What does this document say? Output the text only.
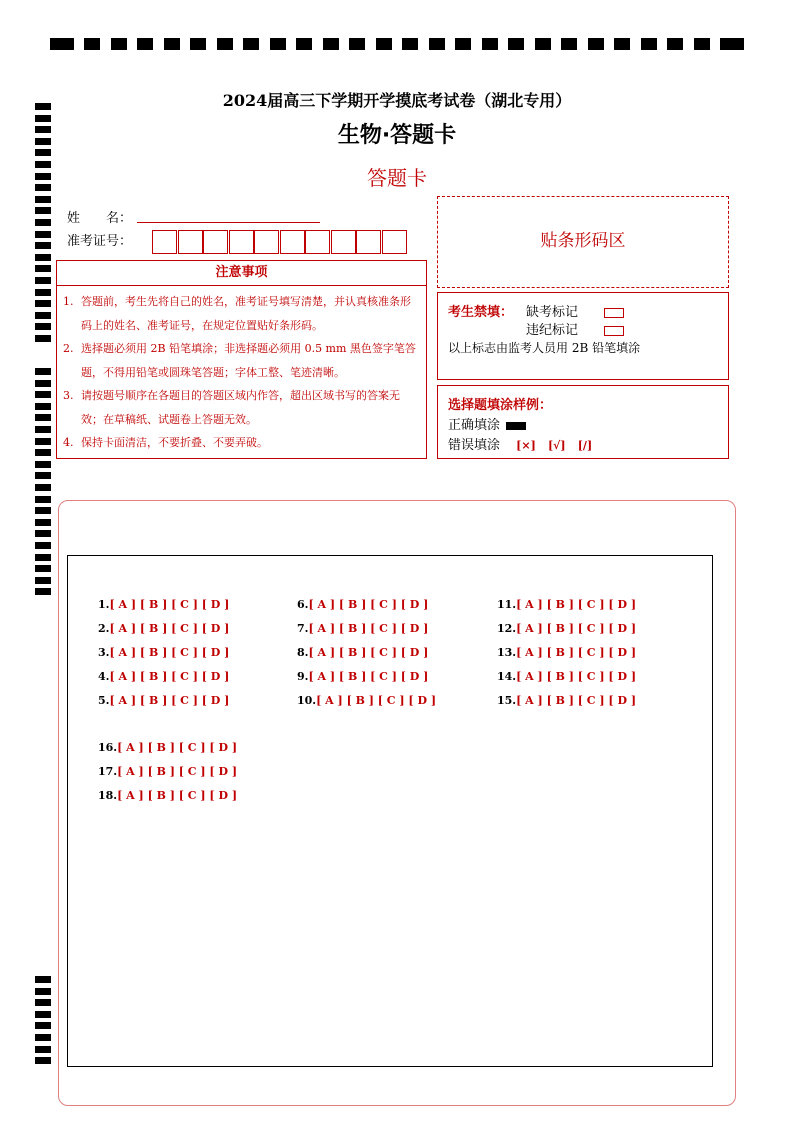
2024届高三下学期开学摸底考试卷（湖北专用）
生物·答题卡
答题卡
姓　　名：
准考证号：	贴条形码区
注意事项
1. 答题前，考生先将自己的姓名，准考证号填写清楚，并认真核准条形码上的姓名、准考证号，在规定位置贴好条形码。
2. 选择题必须用 2B 铅笔填涂；非选择题必须用 0.5 mm 黑色签字笔答题，不得用铅笔或圆珠笔答题；字体工整、笔迹清晰。
3. 请按题号顺序在各题目的答题区域内作答，超出区域书写的答案无效；在草稿纸、试题卷上答题无效。
4. 保持卡面清洁，不要折叠、不要弄破。
考生禁填： 缺考标记
违纪标记
以上标志由监考人员用 2B 铅笔填涂
选择题填涂样例：
正确填涂
错误填涂 [×] [√] [/]
1.[ A ] [ B ] [ C ] [ D ]
2.[ A ] [ B ] [ C ] [ D ]
3.[ A ] [ B ] [ C ] [ D ]
4.[ A ] [ B ] [ C ] [ D ]
5.[ A ] [ B ] [ C ] [ D ]
6.[ A ] [ B ] [ C ] [ D ]
7.[ A ] [ B ] [ C ] [ D ]
8.[ A ] [ B ] [ C ] [ D ]
9.[ A ] [ B ] [ C ] [ D ]
10.[ A ] [ B ] [ C ] [ D ]
11.[ A ] [ B ] [ C ] [ D ]
12.[ A ] [ B ] [ C ] [ D ]
13.[ A ] [ B ] [ C ] [ D ]
14.[ A ] [ B ] [ C ] [ D ]
15.[ A ] [ B ] [ C ] [ D ]
16.[ A ] [ B ] [ C ] [ D ]
17.[ A ] [ B ] [ C ] [ D ]
18.[ A ] [ B ] [ C ] [ D ]
